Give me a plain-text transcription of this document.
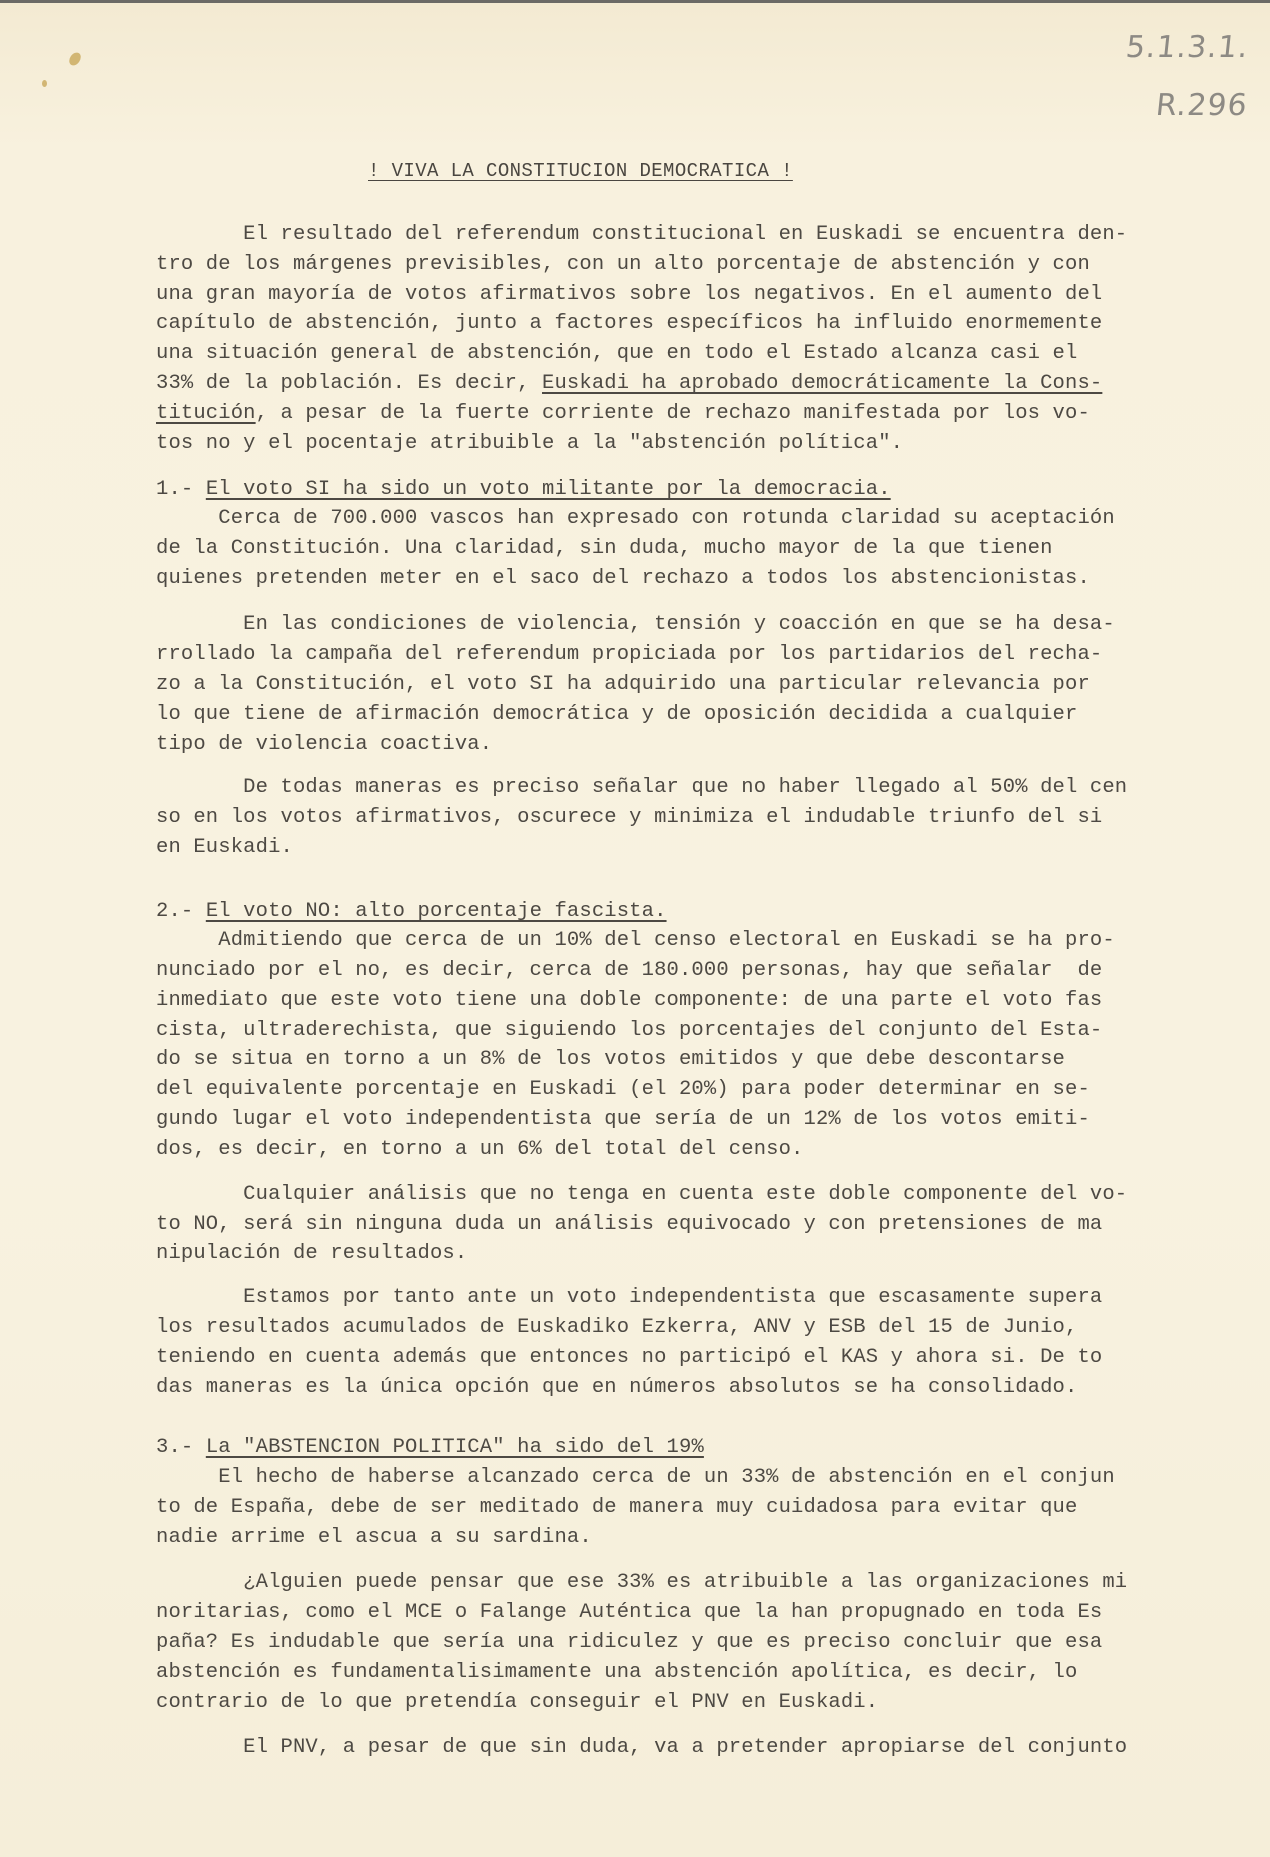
5.1.3.1.
R.296
! VIVA LA CONSTITUCION DEMOCRATICA !
El resultado del referendum constitucional en Euskadi se encuentra den-
tro de los márgenes previsibles, con un alto porcentaje de abstención y con
una gran mayoría de votos afirmativos sobre los negativos. En el aumento del
capítulo de abstención, junto a factores específicos ha influido enormemente
una situación general de abstención, que en todo el Estado alcanza casi el
33% de la población. Es decir, Euskadi ha aprobado democráticamente la Cons-
titución, a pesar de la fuerte corriente de rechazo manifestada por los vo-
tos no y el pocentaje atribuible a la "abstención política".
1.- El voto SI ha sido un voto militante por la democracia.
Cerca de 700.000 vascos han expresado con rotunda claridad su aceptación
de la Constitución. Una claridad, sin duda, mucho mayor de la que tienen
quienes pretenden meter en el saco del rechazo a todos los abstencionistas.
En las condiciones de violencia, tensión y coacción en que se ha desa-
rrollado la campaña del referendum propiciada por los partidarios del recha-
zo a la Constitución, el voto SI ha adquirido una particular relevancia por
lo que tiene de afirmación democrática y de oposición decidida a cualquier
tipo de violencia coactiva.
De todas maneras es preciso señalar que no haber llegado al 50% del cen
so en los votos afirmativos, oscurece y minimiza el indudable triunfo del si
en Euskadi.
2.- El voto NO: alto porcentaje fascista.
Admitiendo que cerca de un 10% del censo electoral en Euskadi se ha pro-
nunciado por el no, es decir, cerca de 180.000 personas, hay que señalar  de
inmediato que este voto tiene una doble componente: de una parte el voto fas
cista, ultraderechista, que siguiendo los porcentajes del conjunto del Esta-
do se situa en torno a un 8% de los votos emitidos y que debe descontarse
del equivalente porcentaje en Euskadi (el 20%) para poder determinar en se-
gundo lugar el voto independentista que sería de un 12% de los votos emiti-
dos, es decir, en torno a un 6% del total del censo.
Cualquier análisis que no tenga en cuenta este doble componente del vo-
to NO, será sin ninguna duda un análisis equivocado y con pretensiones de ma
nipulación de resultados.
Estamos por tanto ante un voto independentista que escasamente supera
los resultados acumulados de Euskadiko Ezkerra, ANV y ESB del 15 de Junio,
teniendo en cuenta además que entonces no participó el KAS y ahora si. De to
das maneras es la única opción que en números absolutos se ha consolidado.
3.- La "ABSTENCION POLITICA" ha sido del 19%
El hecho de haberse alcanzado cerca de un 33% de abstención en el conjun
to de España, debe de ser meditado de manera muy cuidadosa para evitar que
nadie arrime el ascua a su sardina.
¿Alguien puede pensar que ese 33% es atribuible a las organizaciones mi
noritarias, como el MCE o Falange Auténtica que la han propugnado en toda Es
paña? Es indudable que sería una ridiculez y que es preciso concluir que esa
abstención es fundamentalisimamente una abstención apolítica, es decir, lo
contrario de lo que pretendía conseguir el PNV en Euskadi.
El PNV, a pesar de que sin duda, va a pretender apropiarse del conjunto
